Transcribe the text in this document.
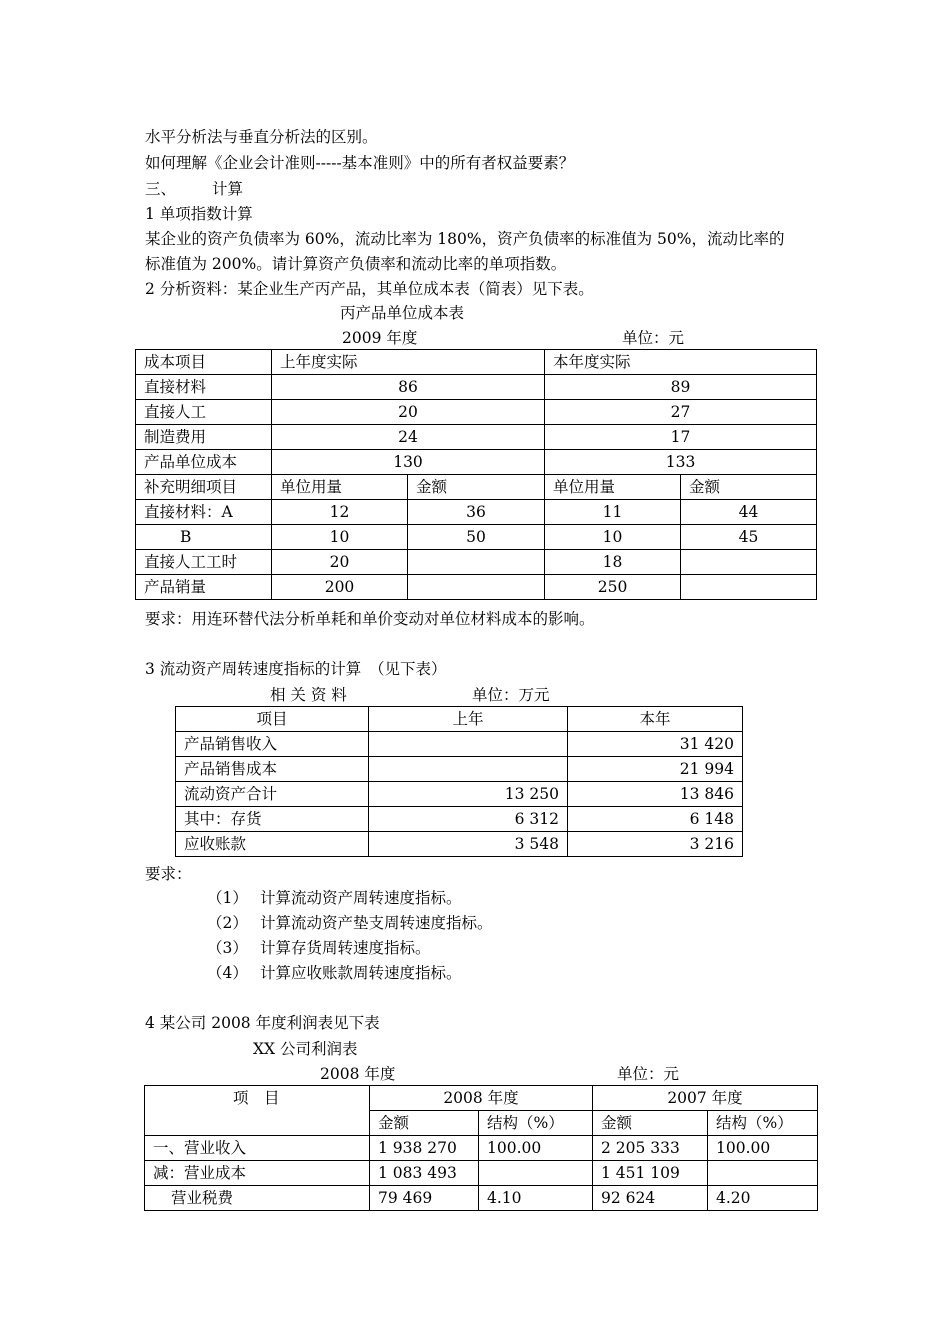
水平分析法与垂直分析法的区别。
如何理解《企业会计准则-----基本准则》中的所有者权益要素？
三、 计算
1 单项指数计算
某企业的资产负债率为 60%，流动比率为 180%，资产负债率的标准值为 50%，流动比率的
标准值为 200%。请计算资产负债率和流动比率的单项指数。
2 分析资料：某企业生产丙产品，其单位成本表（简表）见下表。
丙产品单位成本表
2009 年度	单位：元
成本项目	上年度实际		本年度实际	
直接材料	86		89	
直接人工	20		27	
制造费用	24		17	
产品单位成本	130		133	
补充明细项目	单位用量	金额	单位用量	金额
直接材料：A	12	36	11	44
B	10	50	10	45
直接人工工时	20		18	
产品销量	200		250	
要求：用连环替代法分析单耗和单价变动对单位材料成本的影响。
3 流动资产周转速度指标的计算　（见下表）
相 关 资 料	单位：万元
项目	上年	本年
产品销售收入		31 420
产品销售成本		21 994
流动资产合计	13 250	13 846
其中：存货	6 312	6 148
应收账款	3 548	3 216
要求：
（1） 计算流动资产周转速度指标。
（2） 计算流动资产垫支周转速度指标。
（3） 计算存货周转速度指标。
（4） 计算应收账款周转速度指标。
4 某公司 2008 年度利润表见下表
XX 公司利润表
2008 年度	单位：元
项　目	2008 年度		2007 年度	
	金额	结构（%）	金额	结构（%）
一、营业收入	1 938 270	100.00	2 205 333	100.00
减：营业成本	1 083 493		1 451 109	
营业税费	79 469	4.10	92 624	4.20
